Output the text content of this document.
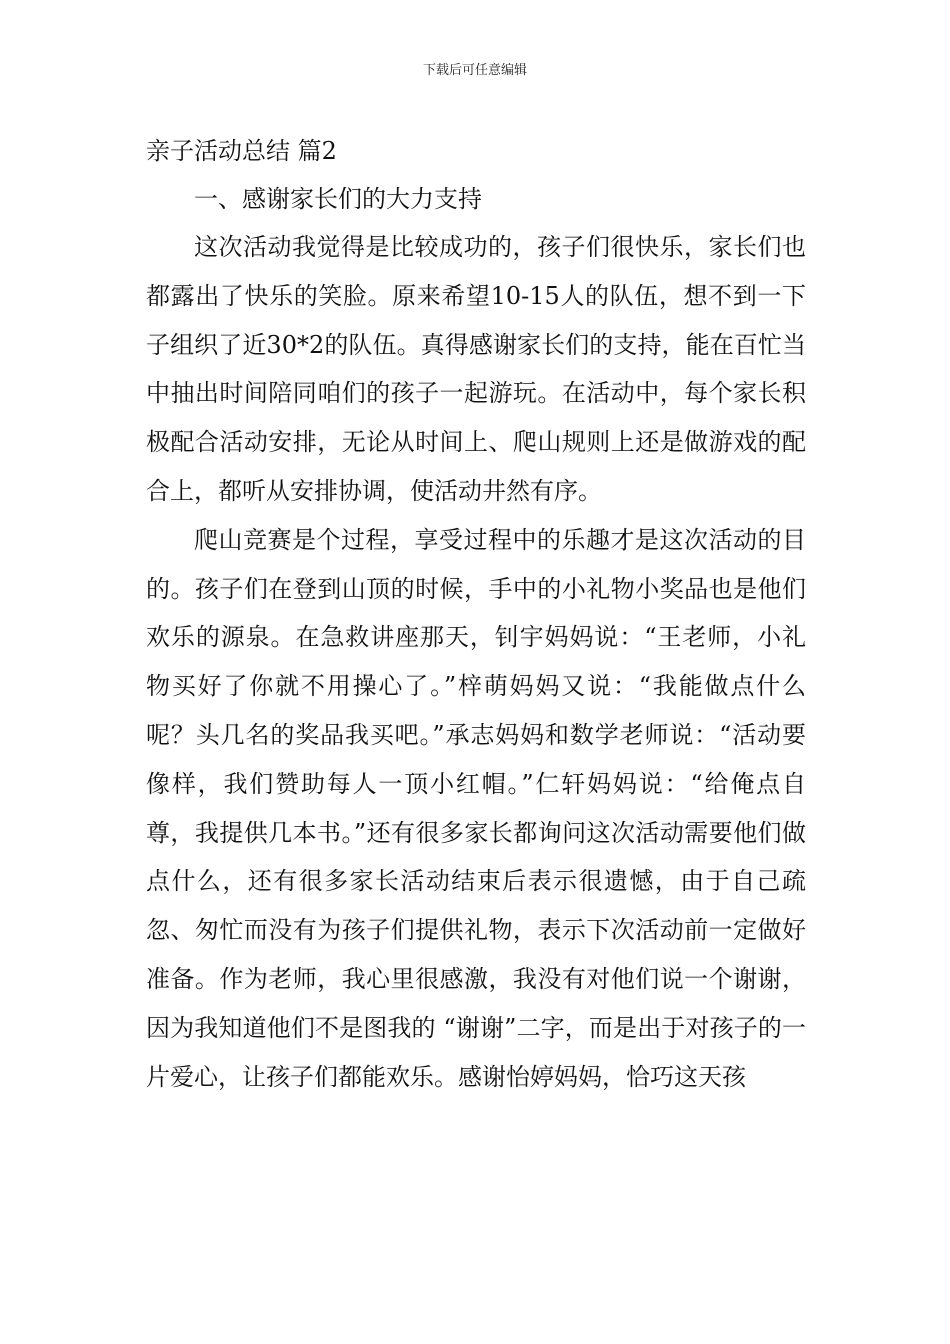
下载后可任意编辑
亲子活动总结 篇2
一、感谢家长们的大力支持

这次活动我觉得是比较成功的，孩子们很快乐，家长们也都露出了快乐的笑脸。原来希望10-15人的队伍，想不到一下子组织了近30*2的队伍。真得感谢家长们的支持，能在百忙当中抽出时间陪同咱们的孩子一起游玩。在活动中，每个家长积极配合活动安排，无论从时间上、爬山规则上还是做游戏的配合上，都听从安排协调，使活动井然有序。

爬山竞赛是个过程，享受过程中的乐趣才是这次活动的目的。孩子们在登到山顶的时候，手中的小礼物小奖品也是他们欢乐的源泉。在急救讲座那天，钊宇妈妈说：“王老师，小礼物买好了你就不用操心了。”梓萌妈妈又说：“我能做点什么呢？头几名的奖品我买吧。”承志妈妈和数学老师说：“活动要像样，我们赞助每人一顶小红帽。”仁轩妈妈说：“给俺点自尊，我提供几本书。”还有很多家长都询问这次活动需要他们做点什么，还有很多家长活动结束后表示很遗憾，由于自己疏忽、匆忙而没有为孩子们提供礼物，表示下次活动前一定做好准备。作为老师，我心里很感激，我没有对他们说一个谢谢，因为我知道他们不是图我的 “谢谢”二字，而是出于对孩子的一片爱心，让孩子们都能欢乐。感谢怡婷妈妈，恰巧这天孩
